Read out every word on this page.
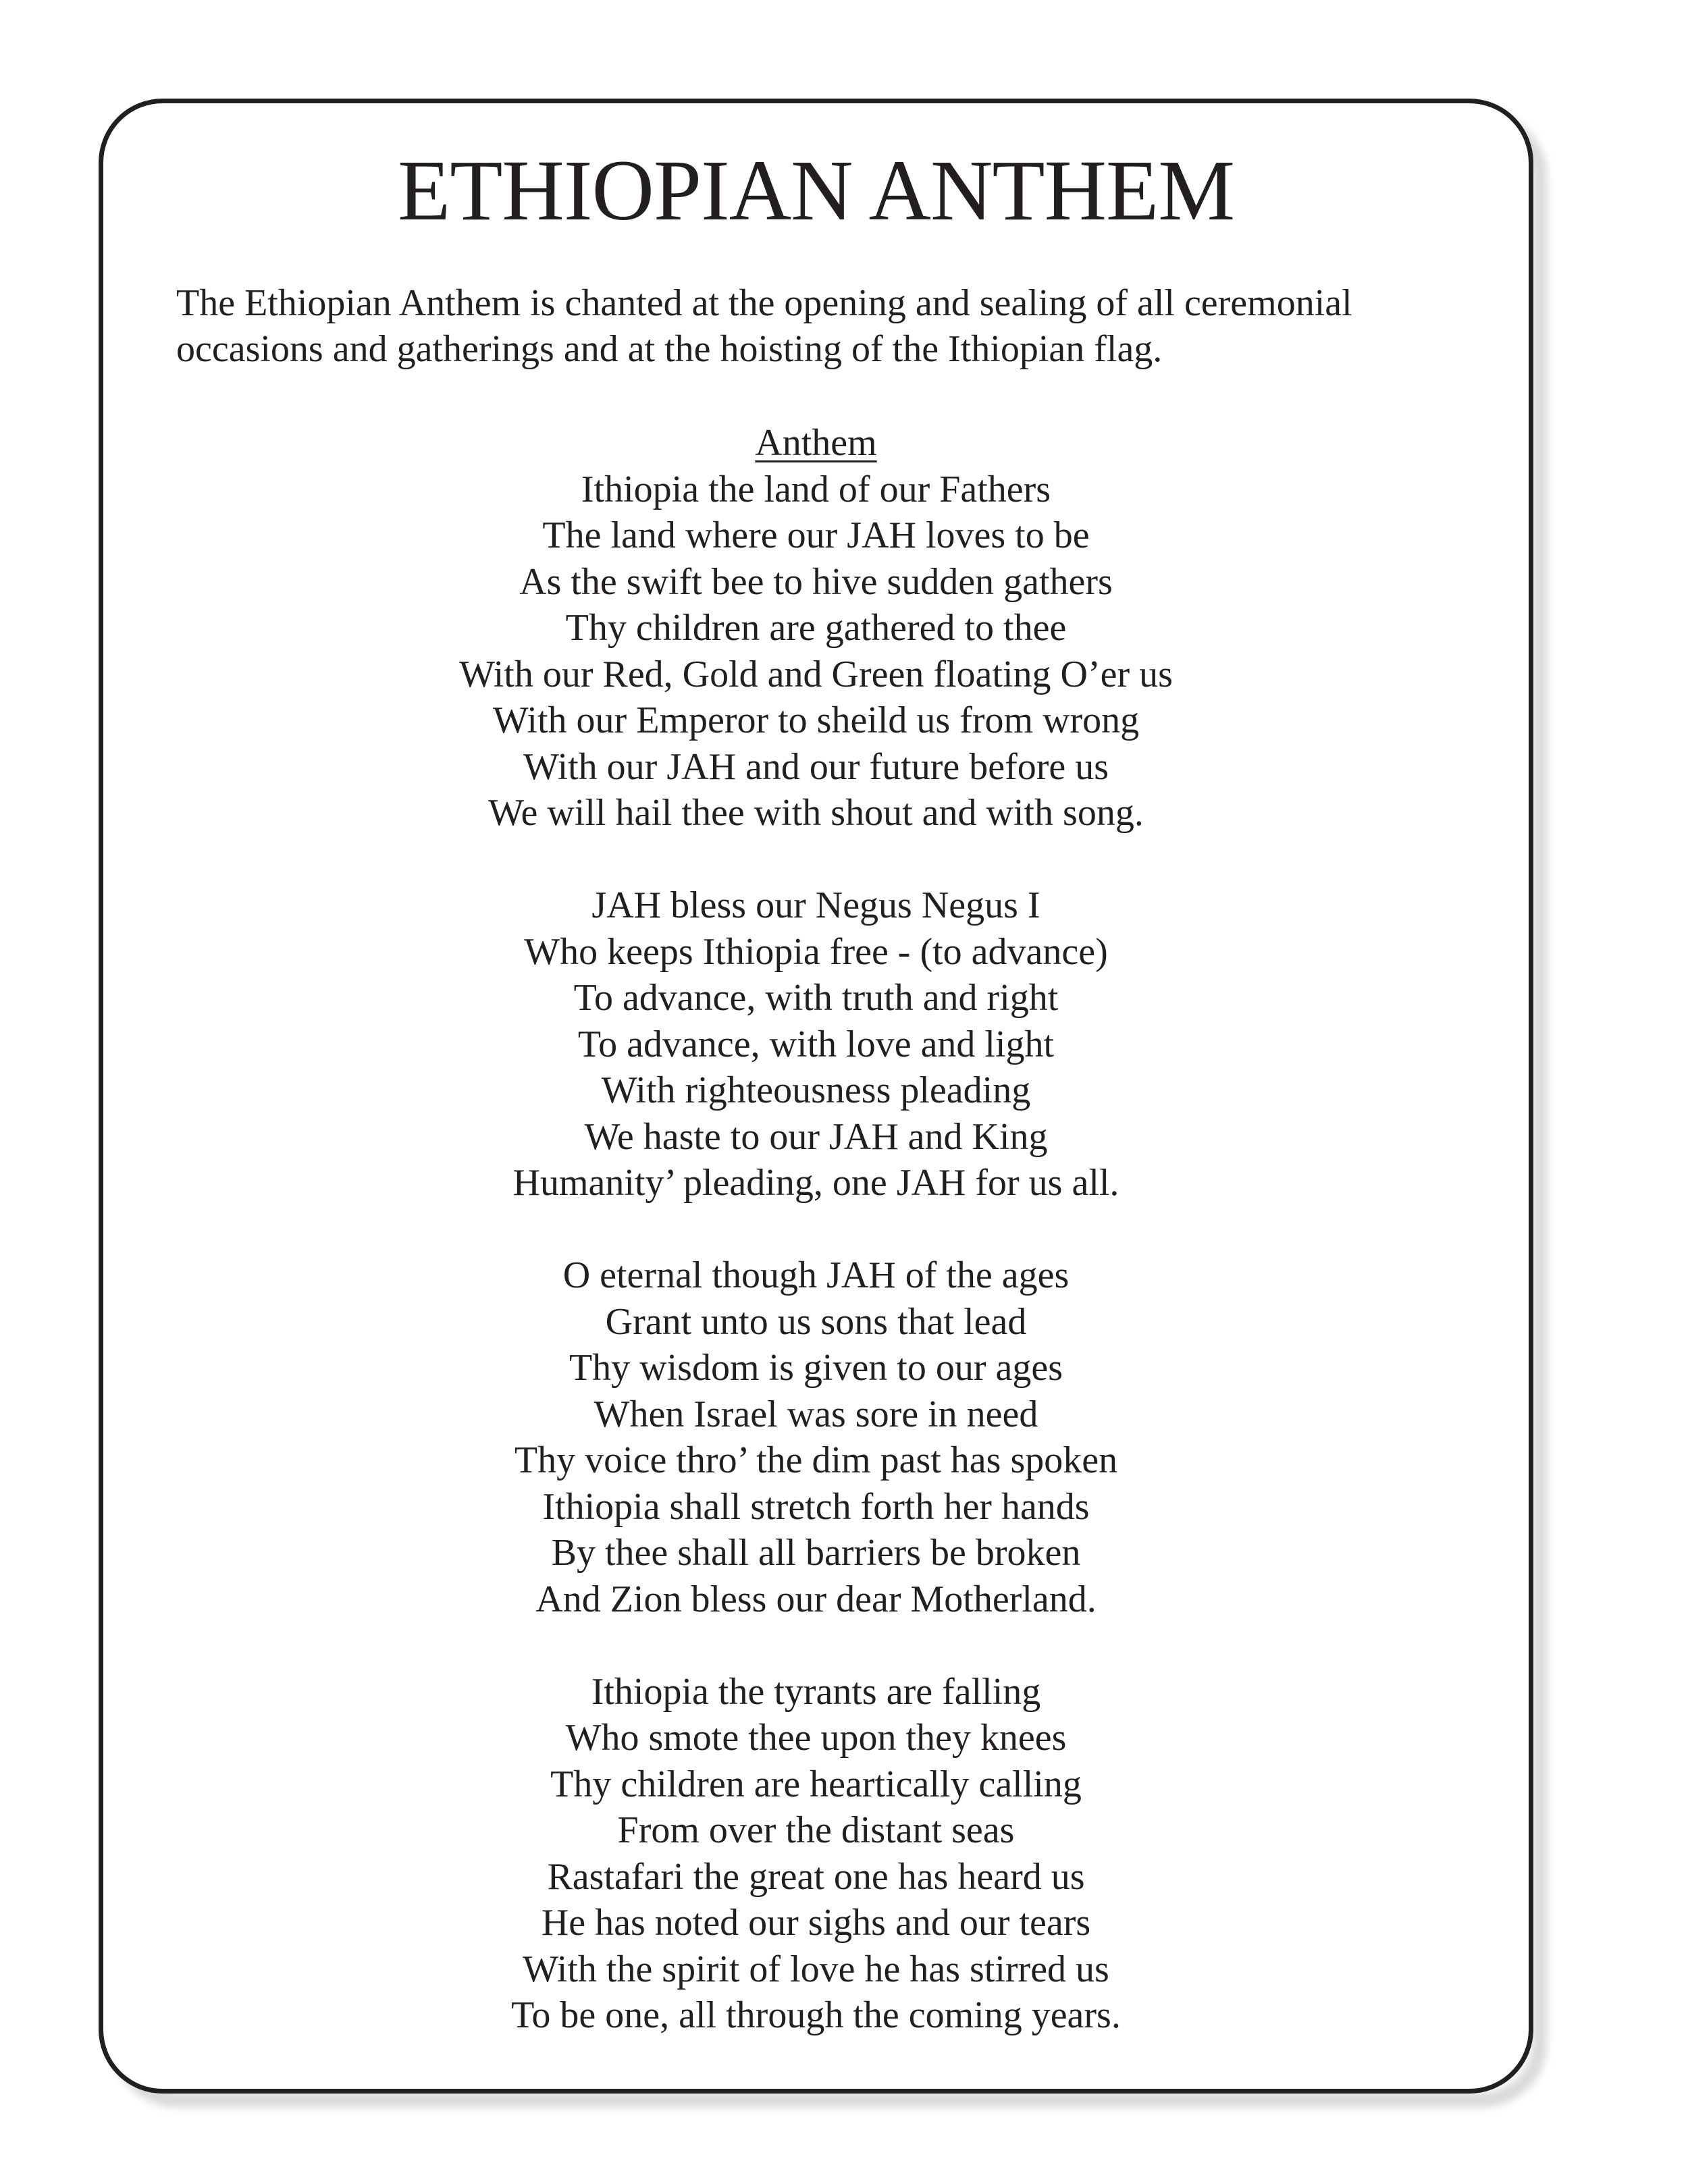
ETHIOPIAN ANTHEM

The Ethiopian Anthem is chanted at the opening and sealing of all ceremonial
occasions and gatherings and at the hoisting of the Ithiopian flag.

Anthem
Ithiopia the land of our Fathers
The land where our JAH loves to be
As the swift bee to hive sudden gathers
Thy children are gathered to thee
With our Red, Gold and Green floating O’er us
With our Emperor to sheild us from wrong
With our JAH and our future before us
We will hail thee with shout and with song.
JAH bless our Negus Negus I
Who keeps Ithiopia free - (to advance)
To advance, with truth and right
To advance, with love and light
With righteousness pleading
We haste to our JAH and King
Humanity’ pleading, one JAH for us all.
O eternal though JAH of the ages
Grant unto us sons that lead
Thy wisdom is given to our ages
When Israel was sore in need
Thy voice thro’ the dim past has spoken
Ithiopia shall stretch forth her hands
By thee shall all barriers be broken
And Zion bless our dear Motherland.
Ithiopia the tyrants are falling
Who smote thee upon they knees
Thy children are heartically calling
From over the distant seas
Rastafari the great one has heard us
He has noted our sighs and our tears
With the spirit of love he has stirred us
To be one, all through the coming years.
